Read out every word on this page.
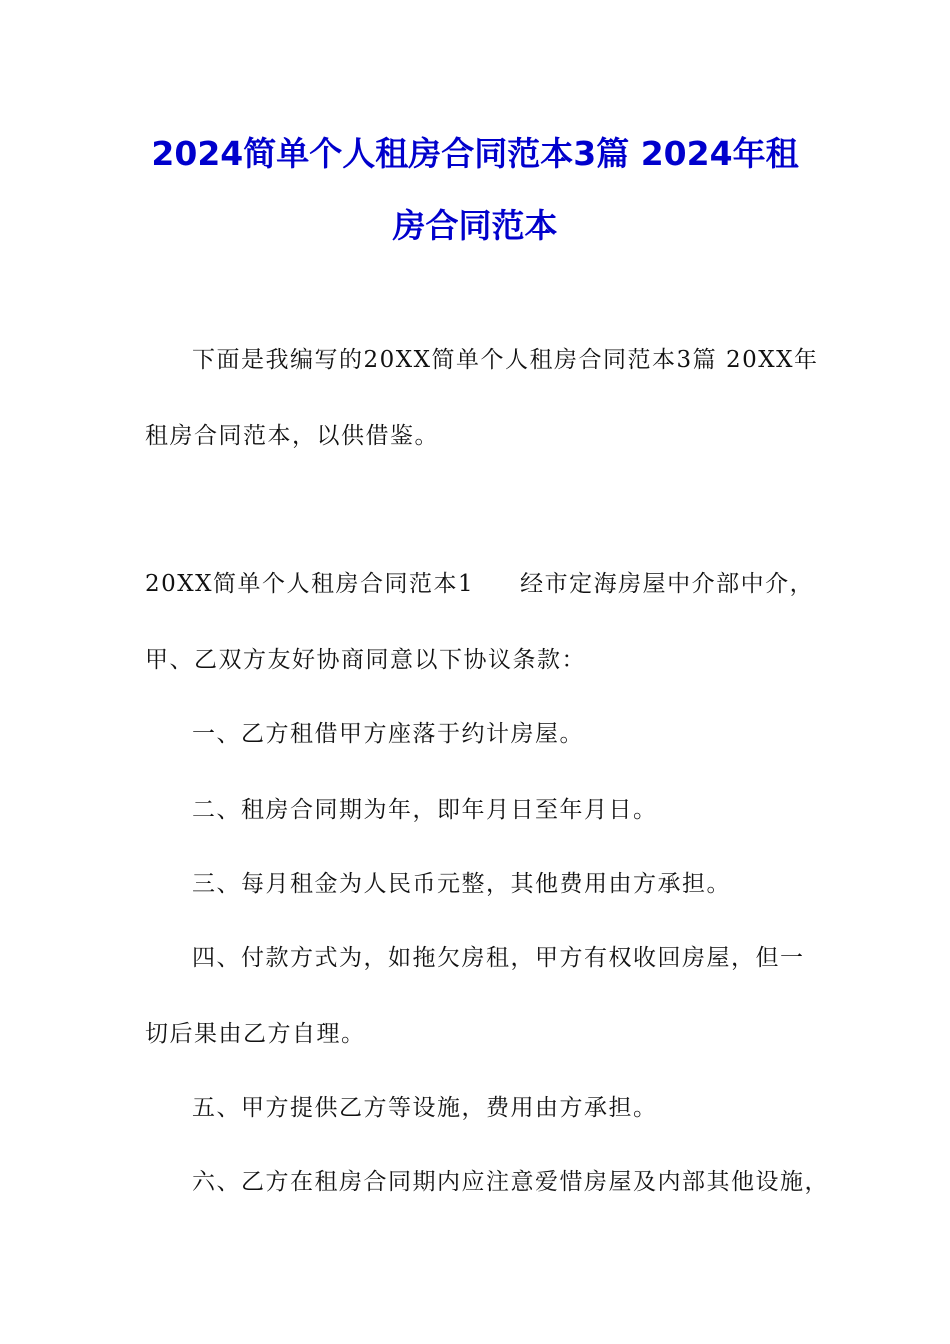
2024简单个人租房合同范本3篇 2024年租
房合同范本
下面是我编写的20XX简单个人租房合同范本3篇 20XX年
租房合同范本，以供借鉴。
20XX简单个人租房合同范本1 经市定海房屋中介部中介，
甲、乙双方友好协商同意以下协议条款：
一、乙方租借甲方座落于约计房屋。
二、租房合同期为年，即年月日至年月日。
三、每月租金为人民币元整，其他费用由方承担。
四、付款方式为，如拖欠房租，甲方有权收回房屋，但一
切后果由乙方自理。
五、甲方提供乙方等设施，费用由方承担。
六、乙方在租房合同期内应注意爱惜房屋及内部其他设施，
